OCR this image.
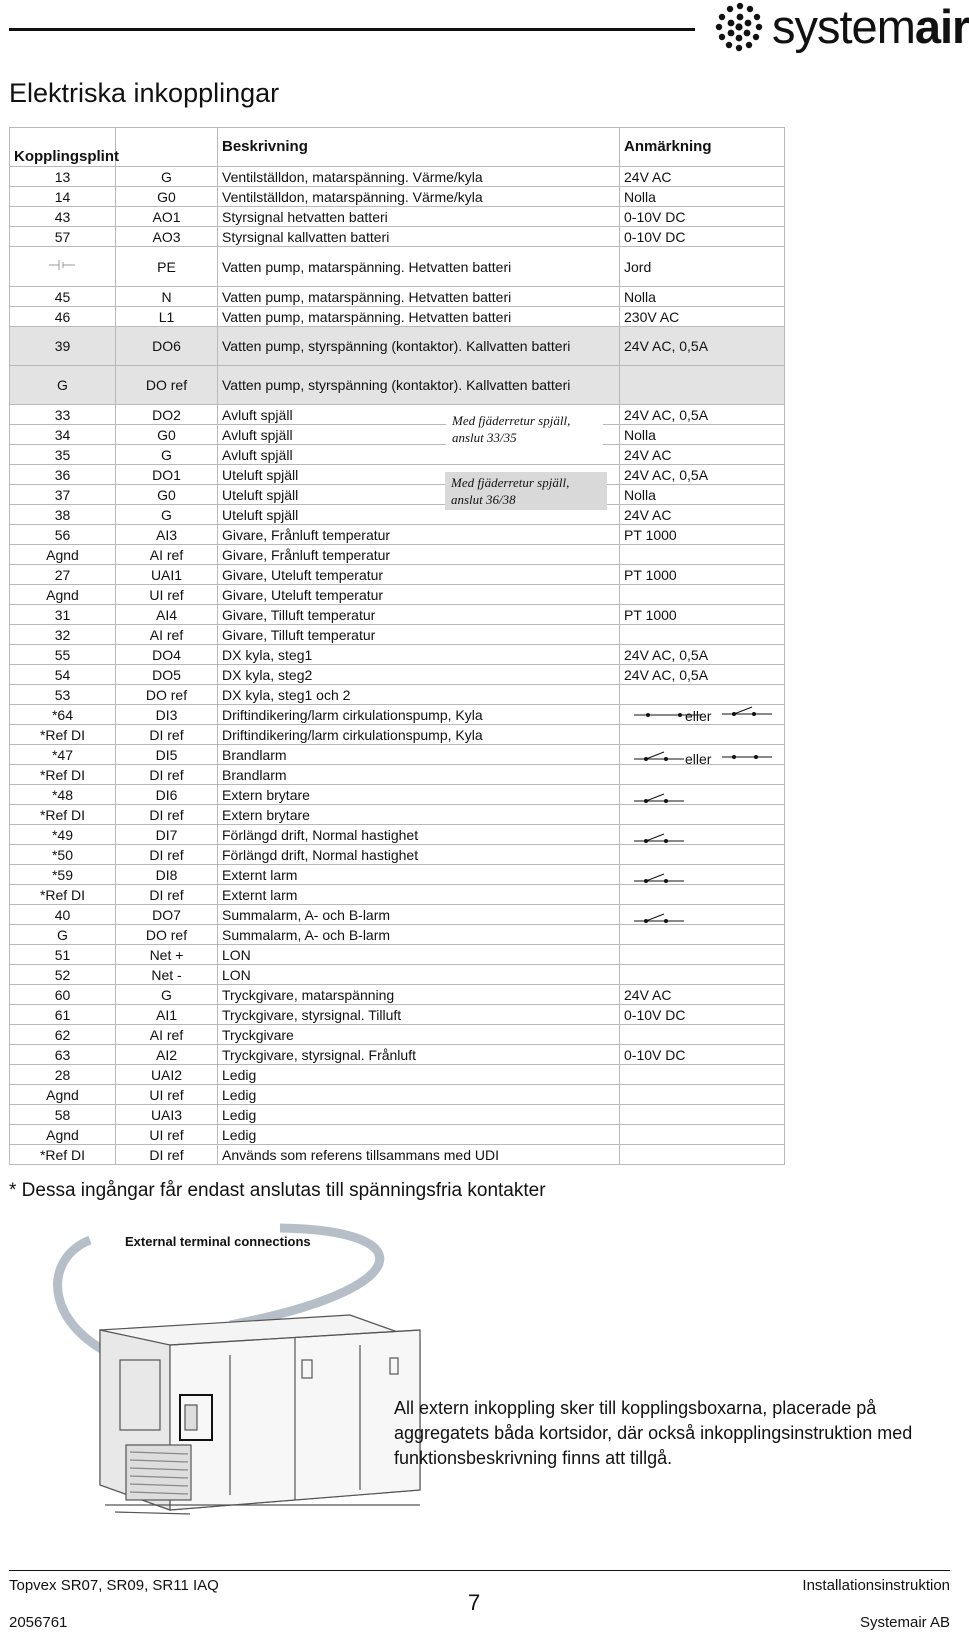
systemair
Elektriska inkopplingar
Kopplingsplint		Beskrivning	Anmärkning
13	G	Ventilställdon, matarspänning. Värme/kyla	24V AC
14	G0	Ventilställdon, matarspänning. Värme/kyla	Nolla
43	AO1	Styrsignal hetvatten batteri	0-10V DC
57	AO3	Styrsignal kallvatten batteri	0-10V DC
	PE	Vatten pump, matarspänning. Hetvatten batteri	Jord
45	N	Vatten pump, matarspänning. Hetvatten batteri	Nolla
46	L1	Vatten pump, matarspänning. Hetvatten batteri	230V AC
39	DO6	Vatten pump, styrspänning (kontaktor). Kallvatten batteri	24V AC, 0,5A
G	DO ref	Vatten pump, styrspänning (kontaktor). Kallvatten batteri	
33	DO2	Avluft spjäll	24V AC, 0,5A
34	G0	Avluft spjäll	Nolla
35	G	Avluft spjäll	24V AC
36	DO1	Uteluft spjäll	24V AC, 0,5A
37	G0	Uteluft spjäll	Nolla
38	G	Uteluft spjäll	24V AC
56	AI3	Givare, Frånluft temperatur	PT 1000
Agnd	AI ref	Givare, Frånluft temperatur	
27	UAI1	Givare, Uteluft temperatur	PT 1000
Agnd	UI ref	Givare, Uteluft temperatur	
31	AI4	Givare, Tilluft temperatur	PT 1000
32	AI ref	Givare, Tilluft temperatur	
55	DO4	DX kyla, steg1	24V AC, 0,5A
54	DO5	DX kyla, steg2	24V AC, 0,5A
53	DO ref	DX kyla, steg1 och 2	
*64	DI3	Driftindikering/larm cirkulationspump, Kyla	
*Ref DI	DI ref	Driftindikering/larm cirkulationspump, Kyla	
*47	DI5	Brandlarm	
*Ref DI	DI ref	Brandlarm	
*48	DI6	Extern brytare	
*Ref DI	DI ref	Extern brytare	
*49	DI7	Förlängd drift, Normal hastighet	
*50	DI ref	Förlängd drift, Normal hastighet	
*59	DI8	Externt larm	
*Ref DI	DI ref	Externt larm	
40	DO7	Summalarm, A- och B-larm	
G	DO ref	Summalarm, A- och B-larm	
51	Net +	LON	
52	Net -	LON	
60	G	Tryckgivare, matarspänning	24V AC
61	AI1	Tryckgivare, styrsignal. Tilluft	0-10V DC
62	AI ref	Tryckgivare	
63	AI2	Tryckgivare, styrsignal. Frånluft	0-10V DC
28	UAI2	Ledig	
Agnd	UI ref	Ledig	
58	UAI3	Ledig	
Agnd	UI ref	Ledig	
*Ref DI	DI ref	Används som referens tillsammans med UDI	
Med fjäderretur spjäll, anslut 33/35
Med fjäderretur spjäll, anslut 36/38
eller
eller
* Dessa ingångar får endast anslutas till spänningsfria kontakter
External terminal connections
All extern inkoppling sker till kopplingsboxarna, placerade på aggregatets båda kortsidor, där också inkopplingsinstruktion med funktionsbeskrivning finns att tillgå.
Topvex SR07, SR09, SR11 IAQ	Installationsinstruktion
7
2056761	Systemair AB
